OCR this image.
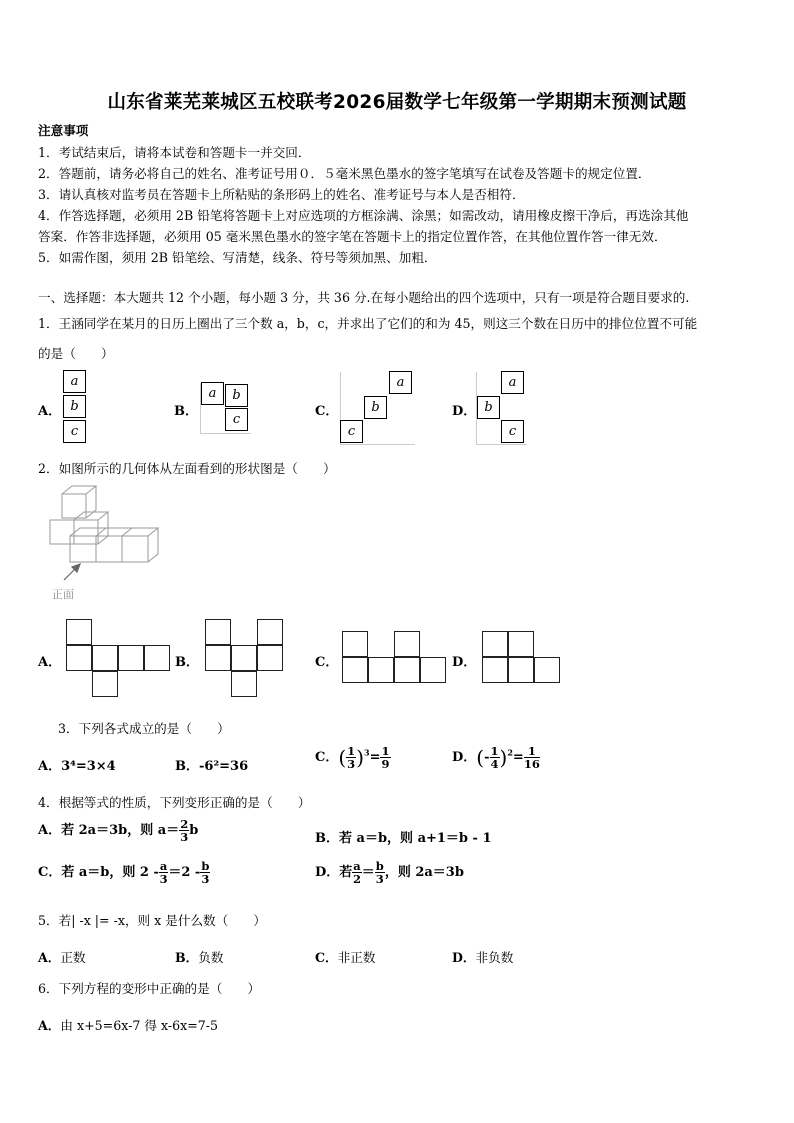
山东省莱芜莱城区五校联考2026届数学七年级第一学期期末预测试题
注意事项
1．考试结束后，请将本试卷和答题卡一并交回．
2．答题前，请务必将自己的姓名、准考证号用０．５毫米黑色墨水的签字笔填写在试卷及答题卡的规定位置．
3．请认真核对监考员在答题卡上所粘贴的条形码上的姓名、准考证号与本人是否相符．
4．作答选择题，必须用 2B 铅笔将答题卡上对应选项的方框涂满、涂黑；如需改动，请用橡皮擦干净后，再选涂其他
答案．作答非选择题，必须用 05 毫米黑色墨水的签字笔在答题卡上的指定位置作答，在其他位置作答一律无效．
5．如需作图，须用 2B 铅笔绘、写清楚，线条、符号等须加黑、加粗．
一、选择题：本大题共 12 个小题，每小题 3 分，共 36 分.在每小题给出的四个选项中，只有一项是符合题目要求的.
1．王涵同学在某月的日历上圈出了三个数 a，b，c，并求出了它们的和为 45，则这三个数在日历中的排位位置不可能
的是（　　）
A．
a
b
c
B．
a	b
c
C．
a
b
c
D．
a
b
c
2．如图所示的几何体从左面看到的形状图是（　　）
正面
A．	B．	C．	D．
3．下列各式成立的是（　　）
A．3⁴=3×4	B．-6²=36
C．( $\frac{1}{3} )^3= \frac{1}{9}$	D．(- $\frac{1}{4} )^2= \frac{1}{16}$
4．根据等式的性质，下列变形正确的是（　　）
A．若 2a＝3b，则 $a= \frac{2}{3}$ b
B．若 a＝b，则 a+1＝b - 1
C．若 a＝b，则 $2 - \frac{a}{3} =2 - \frac{b}{3}$	D．若 $\frac{a}{2} = \frac{b}{3}$ ，则 2a＝3b
5．若| -x |= -x，则 x 是什么数（　　）
A．正数	B．负数	C．非正数	D．非负数
6．下列方程的变形中正确的是（　　）
A．由 x+5=6x-7 得 x-6x=7-5
